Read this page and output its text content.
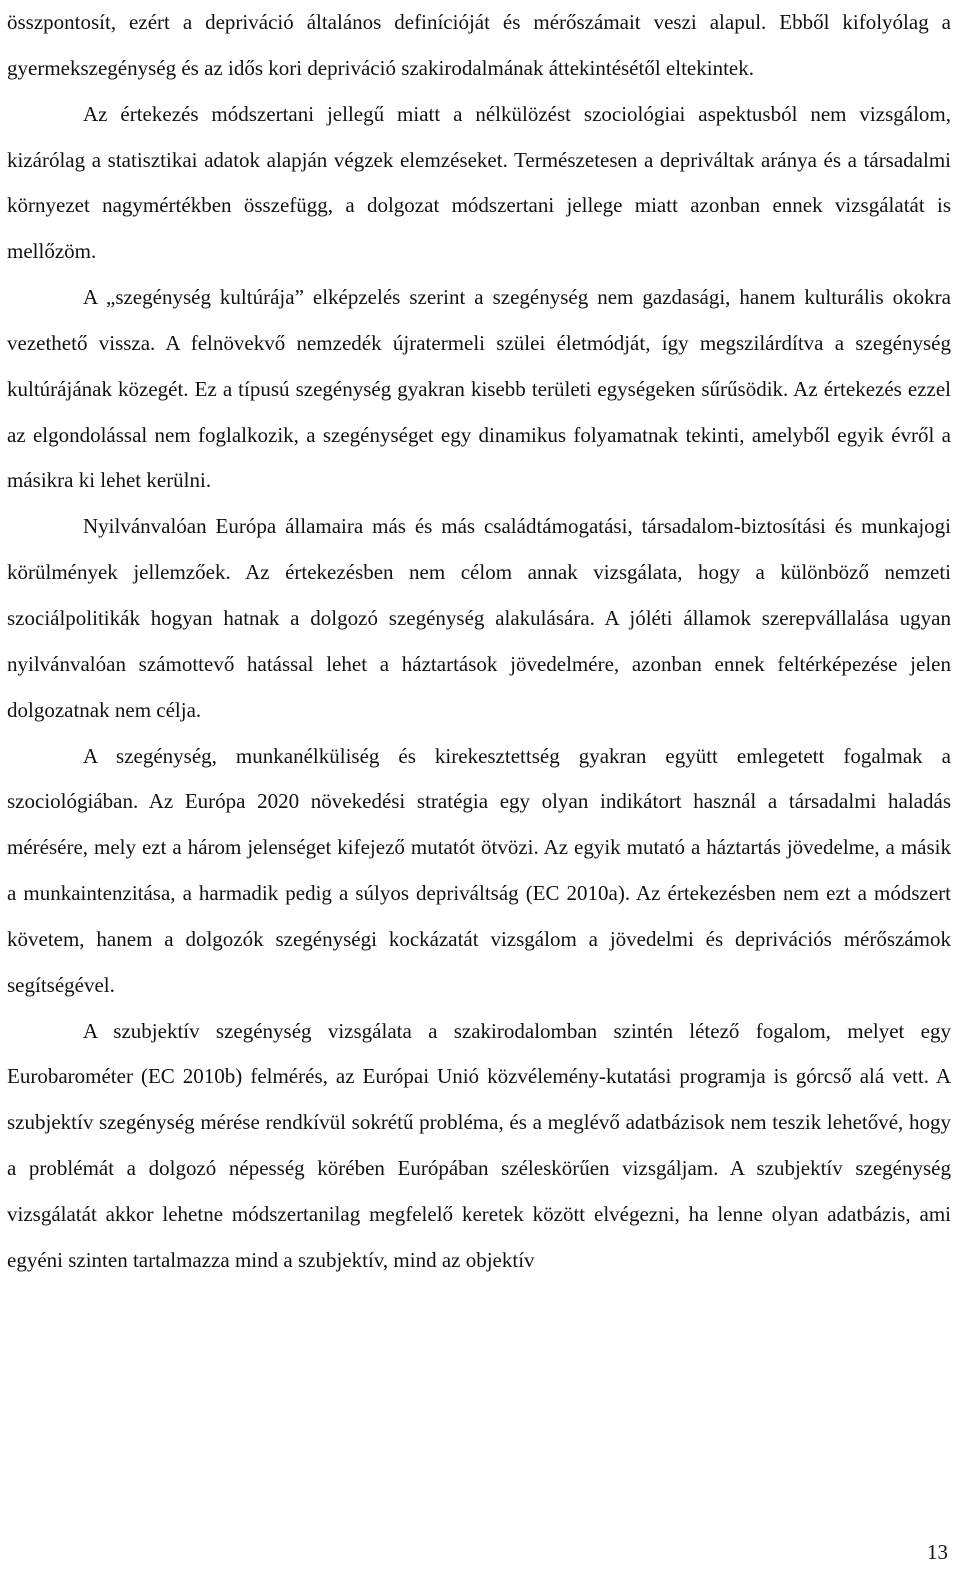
összpontosít, ezért a depriváció általános definícióját és mérőszámait veszi alapul. Ebből kifolyólag a gyermekszegénység és az idős kori depriváció szakirodalmának áttekintésétől eltekintek.

Az értekezés módszertani jellegű miatt a nélkülözést szociológiai aspektusból nem vizsgálom, kizárólag a statisztikai adatok alapján végzek elemzéseket. Természetesen a depriváltak aránya és a társadalmi környezet nagymértékben összefügg, a dolgozat módszertani jellege miatt azonban ennek vizsgálatát is mellőzöm.

A „szegénység kultúrája” elképzelés szerint a szegénység nem gazdasági, hanem kulturális okokra vezethető vissza. A felnövekvő nemzedék újratermeli szülei életmódját, így megszilárdítva a szegénység kultúrájának közegét. Ez a típusú szegénység gyakran kisebb területi egységeken sűrűsödik. Az értekezés ezzel az elgondolással nem foglalkozik, a szegénységet egy dinamikus folyamatnak tekinti, amelyből egyik évről a másikra ki lehet kerülni.

Nyilvánvalóan Európa államaira más és más családtámogatási, társadalom-biztosítási és munkajogi körülmények jellemzőek. Az értekezésben nem célom annak vizsgálata, hogy a különböző nemzeti szociálpolitikák hogyan hatnak a dolgozó szegénység alakulására. A jóléti államok szerepvállalása ugyan nyilvánvalóan számottevő hatással lehet a háztartások jövedelmére, azonban ennek feltérképezése jelen dolgozatnak nem célja.

A szegénység, munkanélküliség és kirekesztettség gyakran együtt emlegetett fogalmak a szociológiában. Az Európa 2020 növekedési stratégia egy olyan indikátort használ a társadalmi haladás mérésére, mely ezt a három jelenséget kifejező mutatót ötvözi. Az egyik mutató a háztartás jövedelme, a másik a munkaintenzitása, a harmadik pedig a súlyos depriváltság (EC 2010a). Az értekezésben nem ezt a módszert követem, hanem a dolgozók szegénységi kockázatát vizsgálom a jövedelmi és deprivációs mérőszámok segítségével.

A szubjektív szegénység vizsgálata a szakirodalomban szintén létező fogalom, melyet egy Eurobarométer (EC 2010b) felmérés, az Európai Unió közvélemény-kutatási programja is górcső alá vett. A szubjektív szegénység mérése rendkívül sokrétű probléma, és a meglévő adatbázisok nem teszik lehetővé, hogy a problémát a dolgozó népesség körében Európában széleskörűen vizsgáljam. A szubjektív szegénység vizsgálatát akkor lehetne módszertanilag megfelelő keretek között elvégezni, ha lenne olyan adatbázis, ami egyéni szinten tartalmazza mind a szubjektív, mind az objektív

13
